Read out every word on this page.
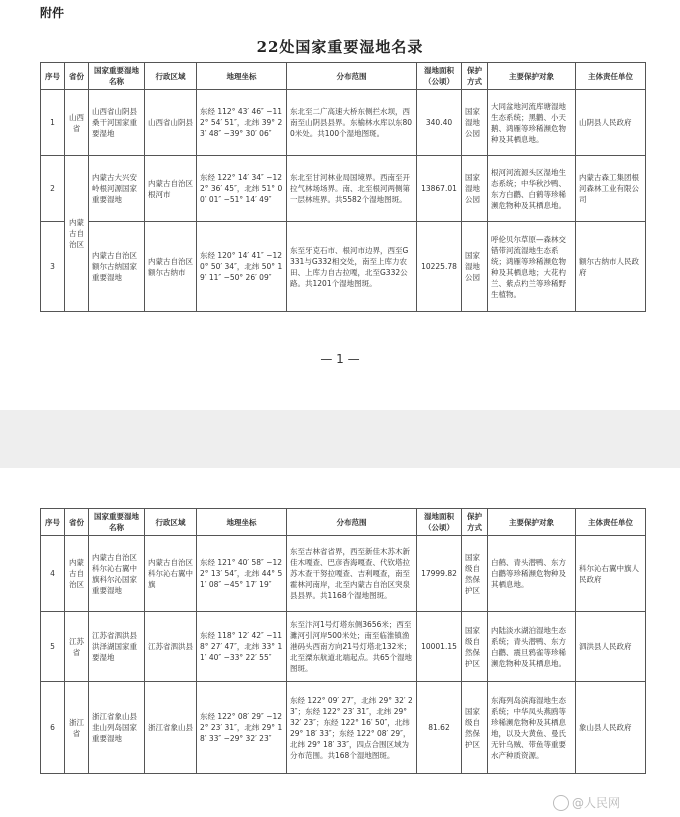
附件
22处国家重要湿地名录
序号	省份	国家重要湿地名称	行政区域	地理坐标	分布范围	湿地面积（公顷）	保护方式	主要保护对象	主体责任单位
1	山西省	山西省山阴县桑干河国家重要湿地	山西省山阴县	东经 112° 43′ 46″ −112° 54′ 51″，北纬 39° 23′ 48″ −39° 30′ 06″	东北至二广高速大桥东侧拦水坝，西南至山阴县县界。东榆林水库以东800米处。共100个湿地图斑。	340.40	国家湿地公园	大同盆地河流库塘湿地生态系统；黑鹳、小天鹅、鸿雁等珍稀濒危物种及其栖息地。	山阴县人民政府
2	内蒙古自治区	内蒙古大兴安岭根河源国家重要湿地	内蒙古自治区根河市	东经 122° 14′ 34″ −122° 36′ 45″，北纬 51° 00′ 01″ −51° 14′ 49″	东北至甘河林业局国境界。西南至开拉气林场场界。南、北至根河两侧第一层林班界。共5582个湿地图斑。	13867.01	国家湿地公园	根河河流源头区湿地生态系统；中华秋沙鸭、东方白鹳、白鹤等珍稀濒危物种及其栖息地。	内蒙古森工集团根河森林工业有限公司
3		内蒙古自治区额尔古纳国家重要湿地	内蒙古自治区额尔古纳市	东经 120° 14′ 41″ −120° 50′ 34″，北纬 50° 19′ 11″ −50° 26′ 09″	东至牙克石市、根河市边界，西至G331与G332相交处，南至上库力农田、上库力自古拉嘎，北至G332公路。共1201个湿地图斑。	10225.78	国家湿地公园	呼伦贝尔草原—森林交错带河流湿地生态系统；鸿雁等珍稀濒危物种及其栖息地；大花杓兰、紫点杓兰等珍稀野生植物。	额尔古纳市人民政府
— 1 —
序号	省份	国家重要湿地名称	行政区域	地理坐标	分布范围	湿地面积（公顷）	保护方式	主要保护对象	主体责任单位
4	内蒙古自治区	内蒙古自治区科尔沁右翼中旗科尔沁国家重要湿地	内蒙古自治区科尔沁右翼中旗	东经 121° 40′ 58″ −122° 13′ 54″，北纬 44° 51′ 08″ −45° 17′ 19″	东至吉林省省界，西至新佳木苏木新佳木嘎查、巴彦杳海嘎查、代钦塔拉苏木查干努拉嘎查、吉利嘎查，南至霍林河南岸，北至内蒙古自治区突泉县县界。共1168个湿地图斑。	17999.82	国家级自然保护区	白鹤、青头潜鸭、东方白鹳等珍稀濒危物种及其栖息地。	科尔沁右翼中旗人民政府
5	江苏省	江苏省泗洪县洪泽湖国家重要湿地	江苏省泗洪县	东经 118° 12′ 42″ −118° 27′ 47″，北纬 33° 11′ 40″ −33° 22′ 55″	东至汴河1号灯塔东侧3656米；西至濉河引河岸500米处；南至临淮镇渔港码头西南方向21号灯塔北132米；北至溧东航道北端起点。共65个湿地图斑。	10001.15	国家级自然保护区	内陆淡水湖泊湿地生态系统；青头潜鸭、东方白鹳、震旦鸦雀等珍稀濒危物种及其栖息地。	泗洪县人民政府
6	浙江省	浙江省象山县韭山列岛国家重要湿地	浙江省象山县	东经 122° 08′ 29″ −122° 23′ 31″，北纬 29° 18′ 33″ −29° 32′ 23″	东经 122° 09′ 27″，北纬 29° 32′ 23″；东经 122° 23′ 31″，北纬 29° 32′ 23″；东经 122° 16′ 50″，北纬 29° 18′ 33″；东经 122° 08′ 29″，北纬 29° 18′ 33″，四点合围区域为分布范围。共168个湿地图斑。	81.62	国家级自然保护区	东海列岛滨海湿地生态系统；中华凤头燕鸥等珍稀濒危物种及其栖息地，以及大黄鱼、曼氏无针乌贼、带鱼等重要水产种质资源。	象山县人民政府
@人民网
